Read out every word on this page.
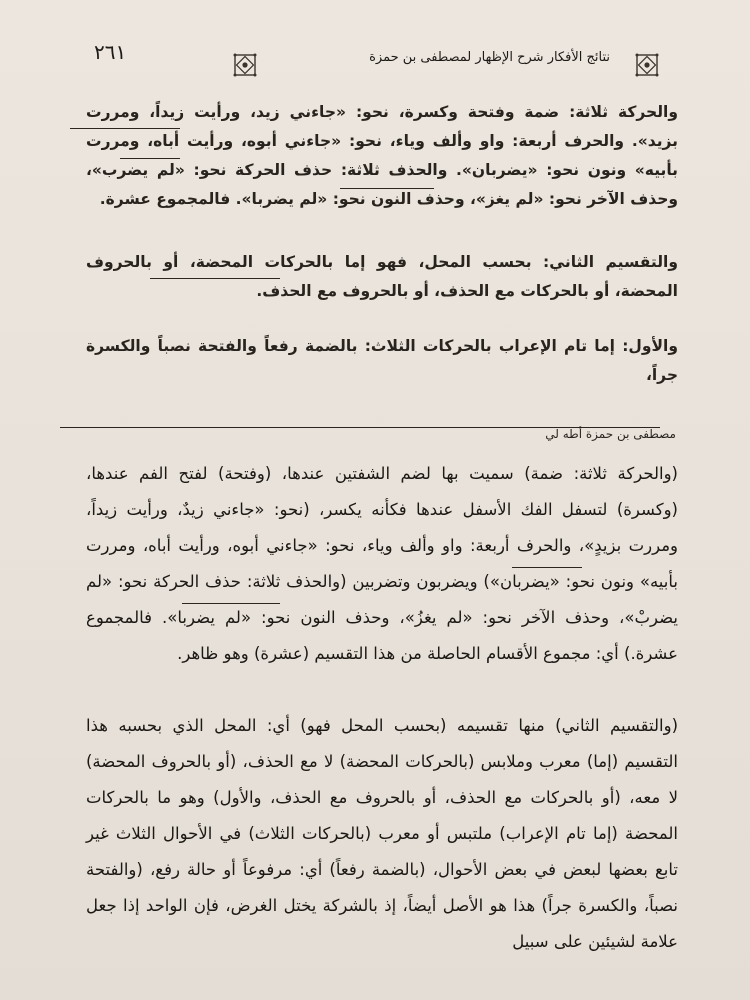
٢٦١	نتائج الأفكار شرح الإظهار لمصطفى بن حمزة

والحركة ثلاثة: ضمة وفتحة وكسرة، نحو: «جاءني زيد، ورأيت زيداً، ومررت بزيد». والحرف أربعة: واو وألف وياء، نحو: «جاءني أبوه، ورأيت أباه، ومررت بأبيه» ونون نحو: «يضربان». والحذف ثلاثة: حذف الحركة نحو: «لم يضرب»، وحذف الآخر نحو: «لم يغز»، وحذف النون نحو: «لم يضربا». فالمجموع عشرة.

والتقسيم الثاني: بحسب المحل، فهو إما بالحركات المحضة، أو بالحروف المحضة، أو بالحركات مع الحذف، أو بالحروف مع الحذف.

والأول: إما تام الإعراب بالحركات الثلاث: بالضمة رفعاً والفتحة نصباً والكسرة جراً،

مصطفى بن حمزة أطه لي

(والحركة ثلاثة: ضمة) سميت بها لضم الشفتين عندها، (وفتحة) لفتح الفم عندها، (وكسرة) لتسفل الفك الأسفل عندها فكأنه يكسر، (نحو: «جاءني زيدٌ، ورأيت زيداً، ومررت بزيدٍ»، والحرف أربعة: واو وألف وياء، نحو: «جاءني أبوه، ورأيت أباه، ومررت بأبيه» ونون نحو: «يضربان») ويضربون وتضربين (والحذف ثلاثة: حذف الحركة نحو: «لم يضربْ»، وحذف الآخر نحو: «لم يغزُ»، وحذف النون نحو: «لم يضربا». فالمجموع عشرة.) أي: مجموع الأقسام الحاصلة من هذا التقسيم (عشرة) وهو ظاهر.

(والتقسيم الثاني) منها تقسيمه (بحسب المحل فهو) أي: المحل الذي بحسبه هذا التقسيم (إما) معرب وملابس (بالحركات المحضة) لا مع الحذف، (أو بالحروف المحضة) لا معه، (أو بالحركات مع الحذف، أو بالحروف مع الحذف، والأول) وهو ما بالحركات المحضة (إما تام الإعراب) ملتبس أو معرب (بالحركات الثلاث) في الأحوال الثلاث غير تابع بعضها لبعض في بعض الأحوال، (بالضمة رفعاً) أي: مرفوعاً أو حالة رفع، (والفتحة نصباً، والكسرة جراً) هذا هو الأصل أيضاً، إذ بالشركة يختل الغرض، فإن الواحد إذا جعل علامة لشيئين على سبيل
